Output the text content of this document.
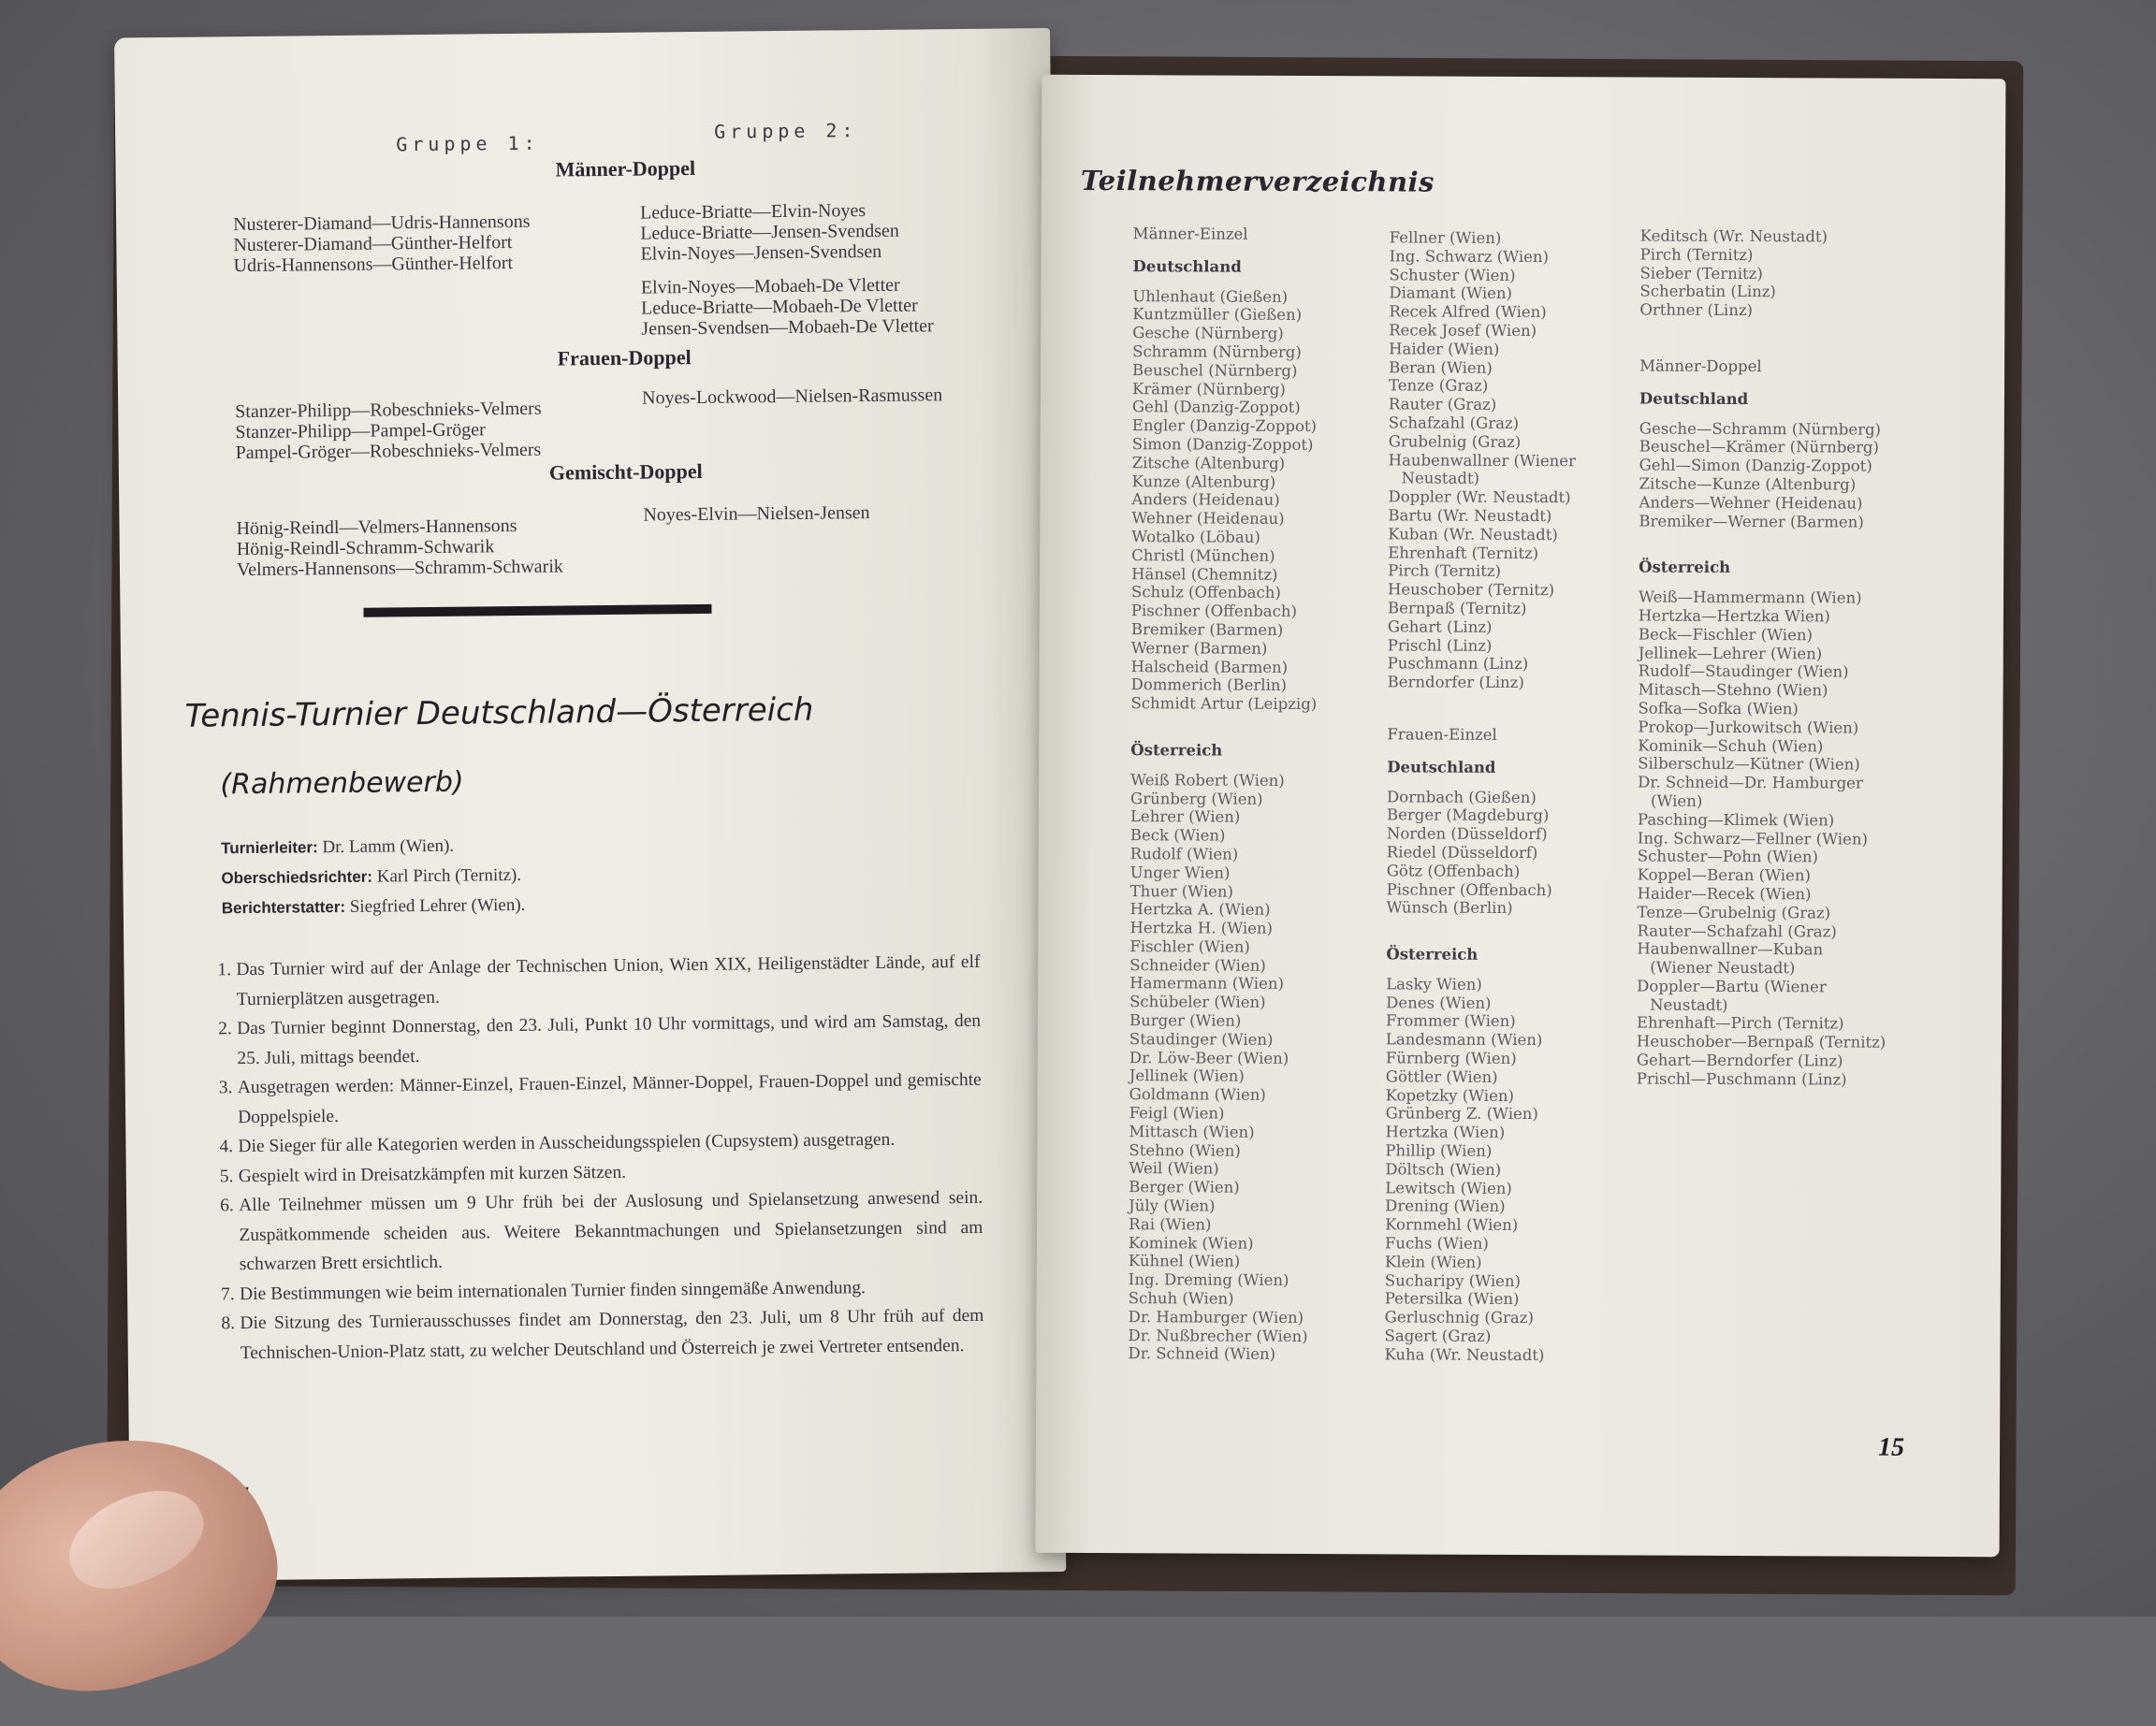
Gruppe 1:
Gruppe 2:
Männer-Doppel
Nusterer-Diamand—Udris-Hannensons
Nusterer-Diamand—Günther-Helfort
Udris-Hannensons—Günther-Helfort
Leduce-Briatte—Elvin-Noyes
Leduce-Briatte—Jensen-Svendsen
Elvin-Noyes—Jensen-Svendsen
Elvin-Noyes—Mobaeh-De Vletter
Leduce-Briatte—Mobaeh-De Vletter
Jensen-Svendsen—Mobaeh-De Vletter
Frauen-Doppel
Stanzer-Philipp—Robeschnieks-Velmers
Stanzer-Philipp—Pampel-Gröger
Pampel-Gröger—Robeschnieks-Velmers
Noyes-Lockwood—Nielsen-Rasmussen
Gemischt-Doppel
Hönig-Reindl—Velmers-Hannensons
Hönig-Reindl-Schramm-Schwarik
Velmers-Hannensons—Schramm-Schwarik
Noyes-Elvin—Nielsen-Jensen
Tennis-Turnier Deutschland—Österreich
(Rahmenbewerb)
Turnierleiter: Dr. Lamm (Wien).
Oberschiedsrichter: Karl Pirch (Ternitz).
Berichterstatter: Siegfried Lehrer (Wien).
1. Das Turnier wird auf der Anlage der Technischen Union, Wien XIX, Heiligenstädter Lände, auf elf Turnierplätzen ausgetragen.
2. Das Turnier beginnt Donnerstag, den 23. Juli, Punkt 10 Uhr vormittags, und wird am Samstag, den 25. Juli, mittags beendet.
3. Ausgetragen werden: Männer-Einzel, Frauen-Einzel, Männer-Doppel, Frauen-Doppel und gemischte Doppelspiele.
4. Die Sieger für alle Kategorien werden in Ausscheidungsspielen (Cupsystem) ausgetragen.
5. Gespielt wird in Dreisatzkämpfen mit kurzen Sätzen.
6. Alle Teilnehmer müssen um 9 Uhr früh bei der Auslosung und Spielansetzung anwesend sein. Zuspätkommende scheiden aus. Weitere Bekanntmachungen und Spielansetzungen sind am schwarzen Brett ersichtlich.
7. Die Bestimmungen wie beim internationalen Turnier finden sinngemäße Anwendung.
8. Die Sitzung des Turnierausschusses findet am Donnerstag, den 23. Juli, um 8 Uhr früh auf dem Technischen-Union-Platz statt, zu welcher Deutschland und Österreich je zwei Vertreter entsenden.
Teilnehmerverzeichnis
Männer-Einzel
Deutschland
Uhlenhaut (Gießen)
Kuntzmüller (Gießen)
Gesche (Nürnberg)
Schramm (Nürnberg)
Beuschel (Nürnberg)
Krämer (Nürnberg)
Gehl (Danzig-Zoppot)
Engler (Danzig-Zoppot)
Simon (Danzig-Zoppot)
Zitsche (Altenburg)
Kunze (Altenburg)
Anders (Heidenau)
Wehner (Heidenau)
Wotalko (Löbau)
Christl (München)
Hänsel (Chemnitz)
Schulz (Offenbach)
Pischner (Offenbach)
Bremiker (Barmen)
Werner (Barmen)
Halscheid (Barmen)
Dommerich (Berlin)
Schmidt Artur (Leipzig)
Österreich
Weiß Robert (Wien)
Grünberg (Wien)
Lehrer (Wien)
Beck (Wien)
Rudolf (Wien)
Unger Wien)
Thuer (Wien)
Hertzka A. (Wien)
Hertzka H. (Wien)
Fischler (Wien)
Schneider (Wien)
Hamermann (Wien)
Schübeler (Wien)
Burger (Wien)
Staudinger (Wien)
Dr. Löw-Beer (Wien)
Jellinek (Wien)
Goldmann (Wien)
Feigl (Wien)
Mittasch (Wien)
Stehno (Wien)
Weil (Wien)
Berger (Wien)
Jüly (Wien)
Rai (Wien)
Kominek (Wien)
Kühnel (Wien)
Ing. Dreming (Wien)
Schuh (Wien)
Dr. Hamburger (Wien)
Dr. Nußbrecher (Wien)
Dr. Schneid (Wien)
Fellner (Wien)
Ing. Schwarz (Wien)
Schuster (Wien)
Diamant (Wien)
Recek Alfred (Wien)
Recek Josef (Wien)
Haider (Wien)
Beran (Wien)
Tenze (Graz)
Rauter (Graz)
Schafzahl (Graz)
Grubelnig (Graz)
Haubenwallner (Wiener Neustadt)
Doppler (Wr. Neustadt)
Bartu (Wr. Neustadt)
Kuban (Wr. Neustadt)
Ehrenhaft (Ternitz)
Pirch (Ternitz)
Heuschober (Ternitz)
Bernpaß (Ternitz)
Gehart (Linz)
Prischl (Linz)
Puschmann (Linz)
Berndorfer (Linz)
Frauen-Einzel
Deutschland
Dornbach (Gießen)
Berger (Magdeburg)
Norden (Düsseldorf)
Riedel (Düsseldorf)
Götz (Offenbach)
Pischner (Offenbach)
Wünsch (Berlin)
Österreich
Lasky Wien)
Denes (Wien)
Frommer (Wien)
Landesmann (Wien)
Fürnberg (Wien)
Göttler (Wien)
Kopetzky (Wien)
Grünberg Z. (Wien)
Hertzka (Wien)
Phillip (Wien)
Döltsch (Wien)
Lewitsch (Wien)
Drening (Wien)
Kornmehl (Wien)
Fuchs (Wien)
Klein (Wien)
Sucharipy (Wien)
Petersilka (Wien)
Gerluschnig (Graz)
Sagert (Graz)
Kuha (Wr. Neustadt)
Keditsch (Wr. Neustadt)
Pirch (Ternitz)
Sieber (Ternitz)
Scherbatin (Linz)
Orthner (Linz)
Männer-Doppel
Deutschland
Gesche—Schramm (Nürnberg)
Beuschel—Krämer (Nürnberg)
Gehl—Simon (Danzig-Zoppot)
Zitsche—Kunze (Altenburg)
Anders—Wehner (Heidenau)
Bremiker—Werner (Barmen)
Österreich
Weiß—Hammermann (Wien)
Hertzka—Hertzka Wien)
Beck—Fischler (Wien)
Jellinek—Lehrer (Wien)
Rudolf—Staudinger (Wien)
Mitasch—Stehno (Wien)
Sofka—Sofka (Wien)
Prokop—Jurkowitsch (Wien)
Kominik—Schuh (Wien)
Silberschulz—Kütner (Wien)
Dr. Schneid—Dr. Hamburger (Wien)
Pasching—Klimek (Wien)
Ing. Schwarz—Fellner (Wien)
Schuster—Pohn (Wien)
Koppel—Beran (Wien)
Haider—Recek (Wien)
Tenze—Grubelnig (Graz)
Rauter—Schafzahl (Graz)
Haubenwallner—Kuban (Wiener Neustadt)
Doppler—Bartu (Wiener Neustadt)
Ehrenhaft—Pirch (Ternitz)
Heuschober—Bernpaß (Ternitz)
Gehart—Berndorfer (Linz)
Prischl—Puschmann (Linz)
15
